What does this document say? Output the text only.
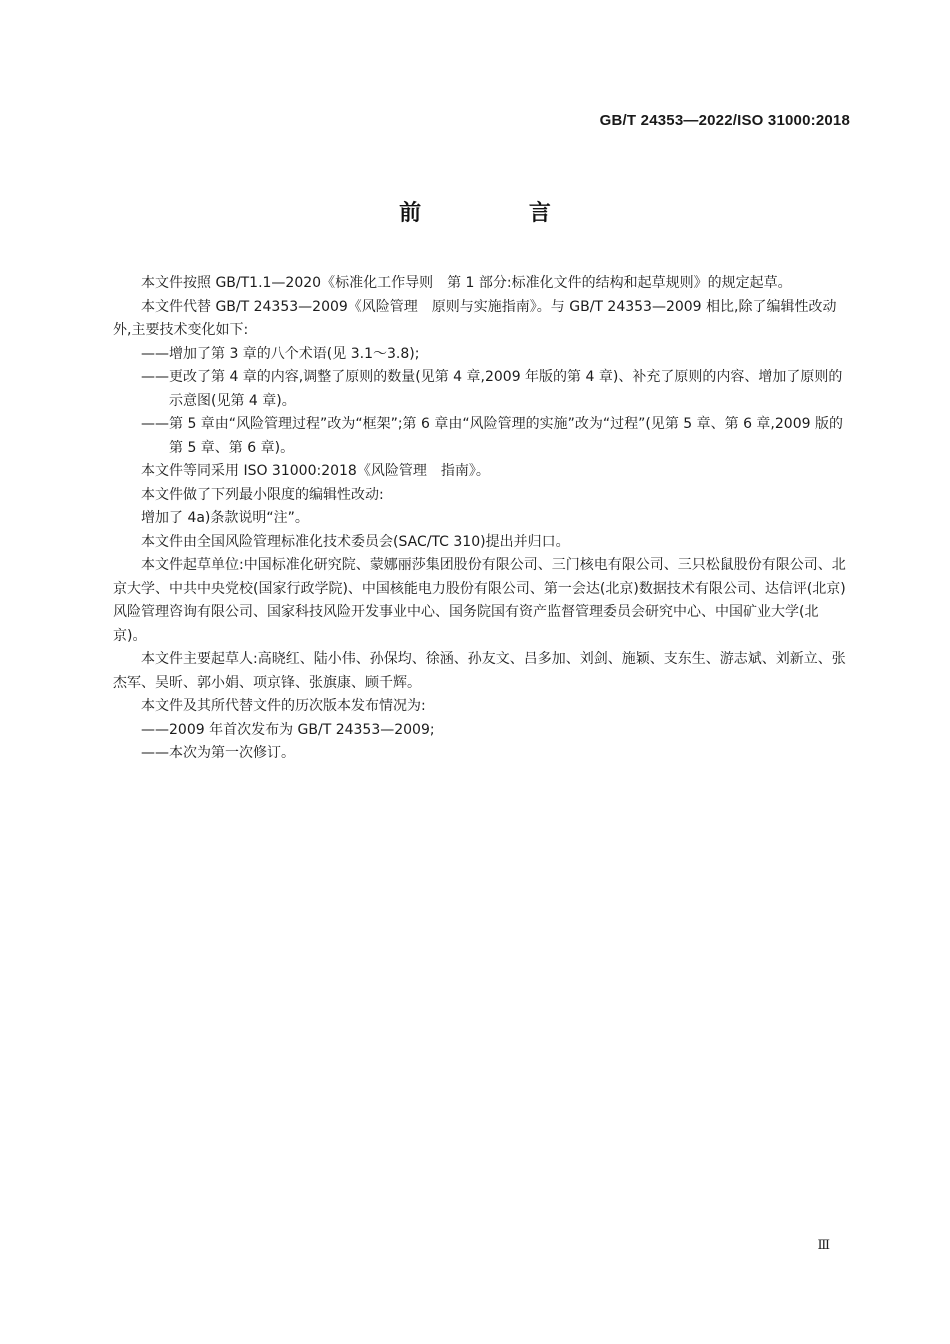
GB/T 24353—2022/ISO 31000:2018
前 言

本文件按照 GB/T1.1—2020《标准化工作导则　第 1 部分:标准化文件的结构和起草规则》的规定起草。

本文件代替 GB/T 24353—2009《风险管理　原则与实施指南》。与 GB/T 24353—2009 相比,除了编辑性改动外,主要技术变化如下:

——增加了第 3 章的八个术语(见 3.1～3.8);

——更改了第 4 章的内容,调整了原则的数量(见第 4 章,2009 年版的第 4 章)、补充了原则的内容、增加了原则的示意图(见第 4 章)。

——第 5 章由“风险管理过程”改为“框架”;第 6 章由“风险管理的实施”改为“过程”(见第 5 章、第 6 章,2009 版的第 5 章、第 6 章)。

本文件等同采用 ISO 31000:2018《风险管理　指南》。

本文件做了下列最小限度的编辑性改动:

增加了 4a)条款说明“注”。

本文件由全国风险管理标准化技术委员会(SAC/TC 310)提出并归口。

本文件起草单位:中国标准化研究院、蒙娜丽莎集团股份有限公司、三门核电有限公司、三只松鼠股份有限公司、北京大学、中共中央党校(国家行政学院)、中国核能电力股份有限公司、第一会达(北京)数据技术有限公司、达信评(北京)风险管理咨询有限公司、国家科技风险开发事业中心、国务院国有资产监督管理委员会研究中心、中国矿业大学(北京)。

本文件主要起草人:高晓红、陆小伟、孙保均、徐涵、孙友文、吕多加、刘剑、施颖、支东生、游志斌、刘新立、张杰军、吴昕、郭小娟、项京锋、张旗康、顾千辉。

本文件及其所代替文件的历次版本发布情况为:

——2009 年首次发布为 GB/T 24353—2009;

——本次为第一次修订。

Ⅲ
